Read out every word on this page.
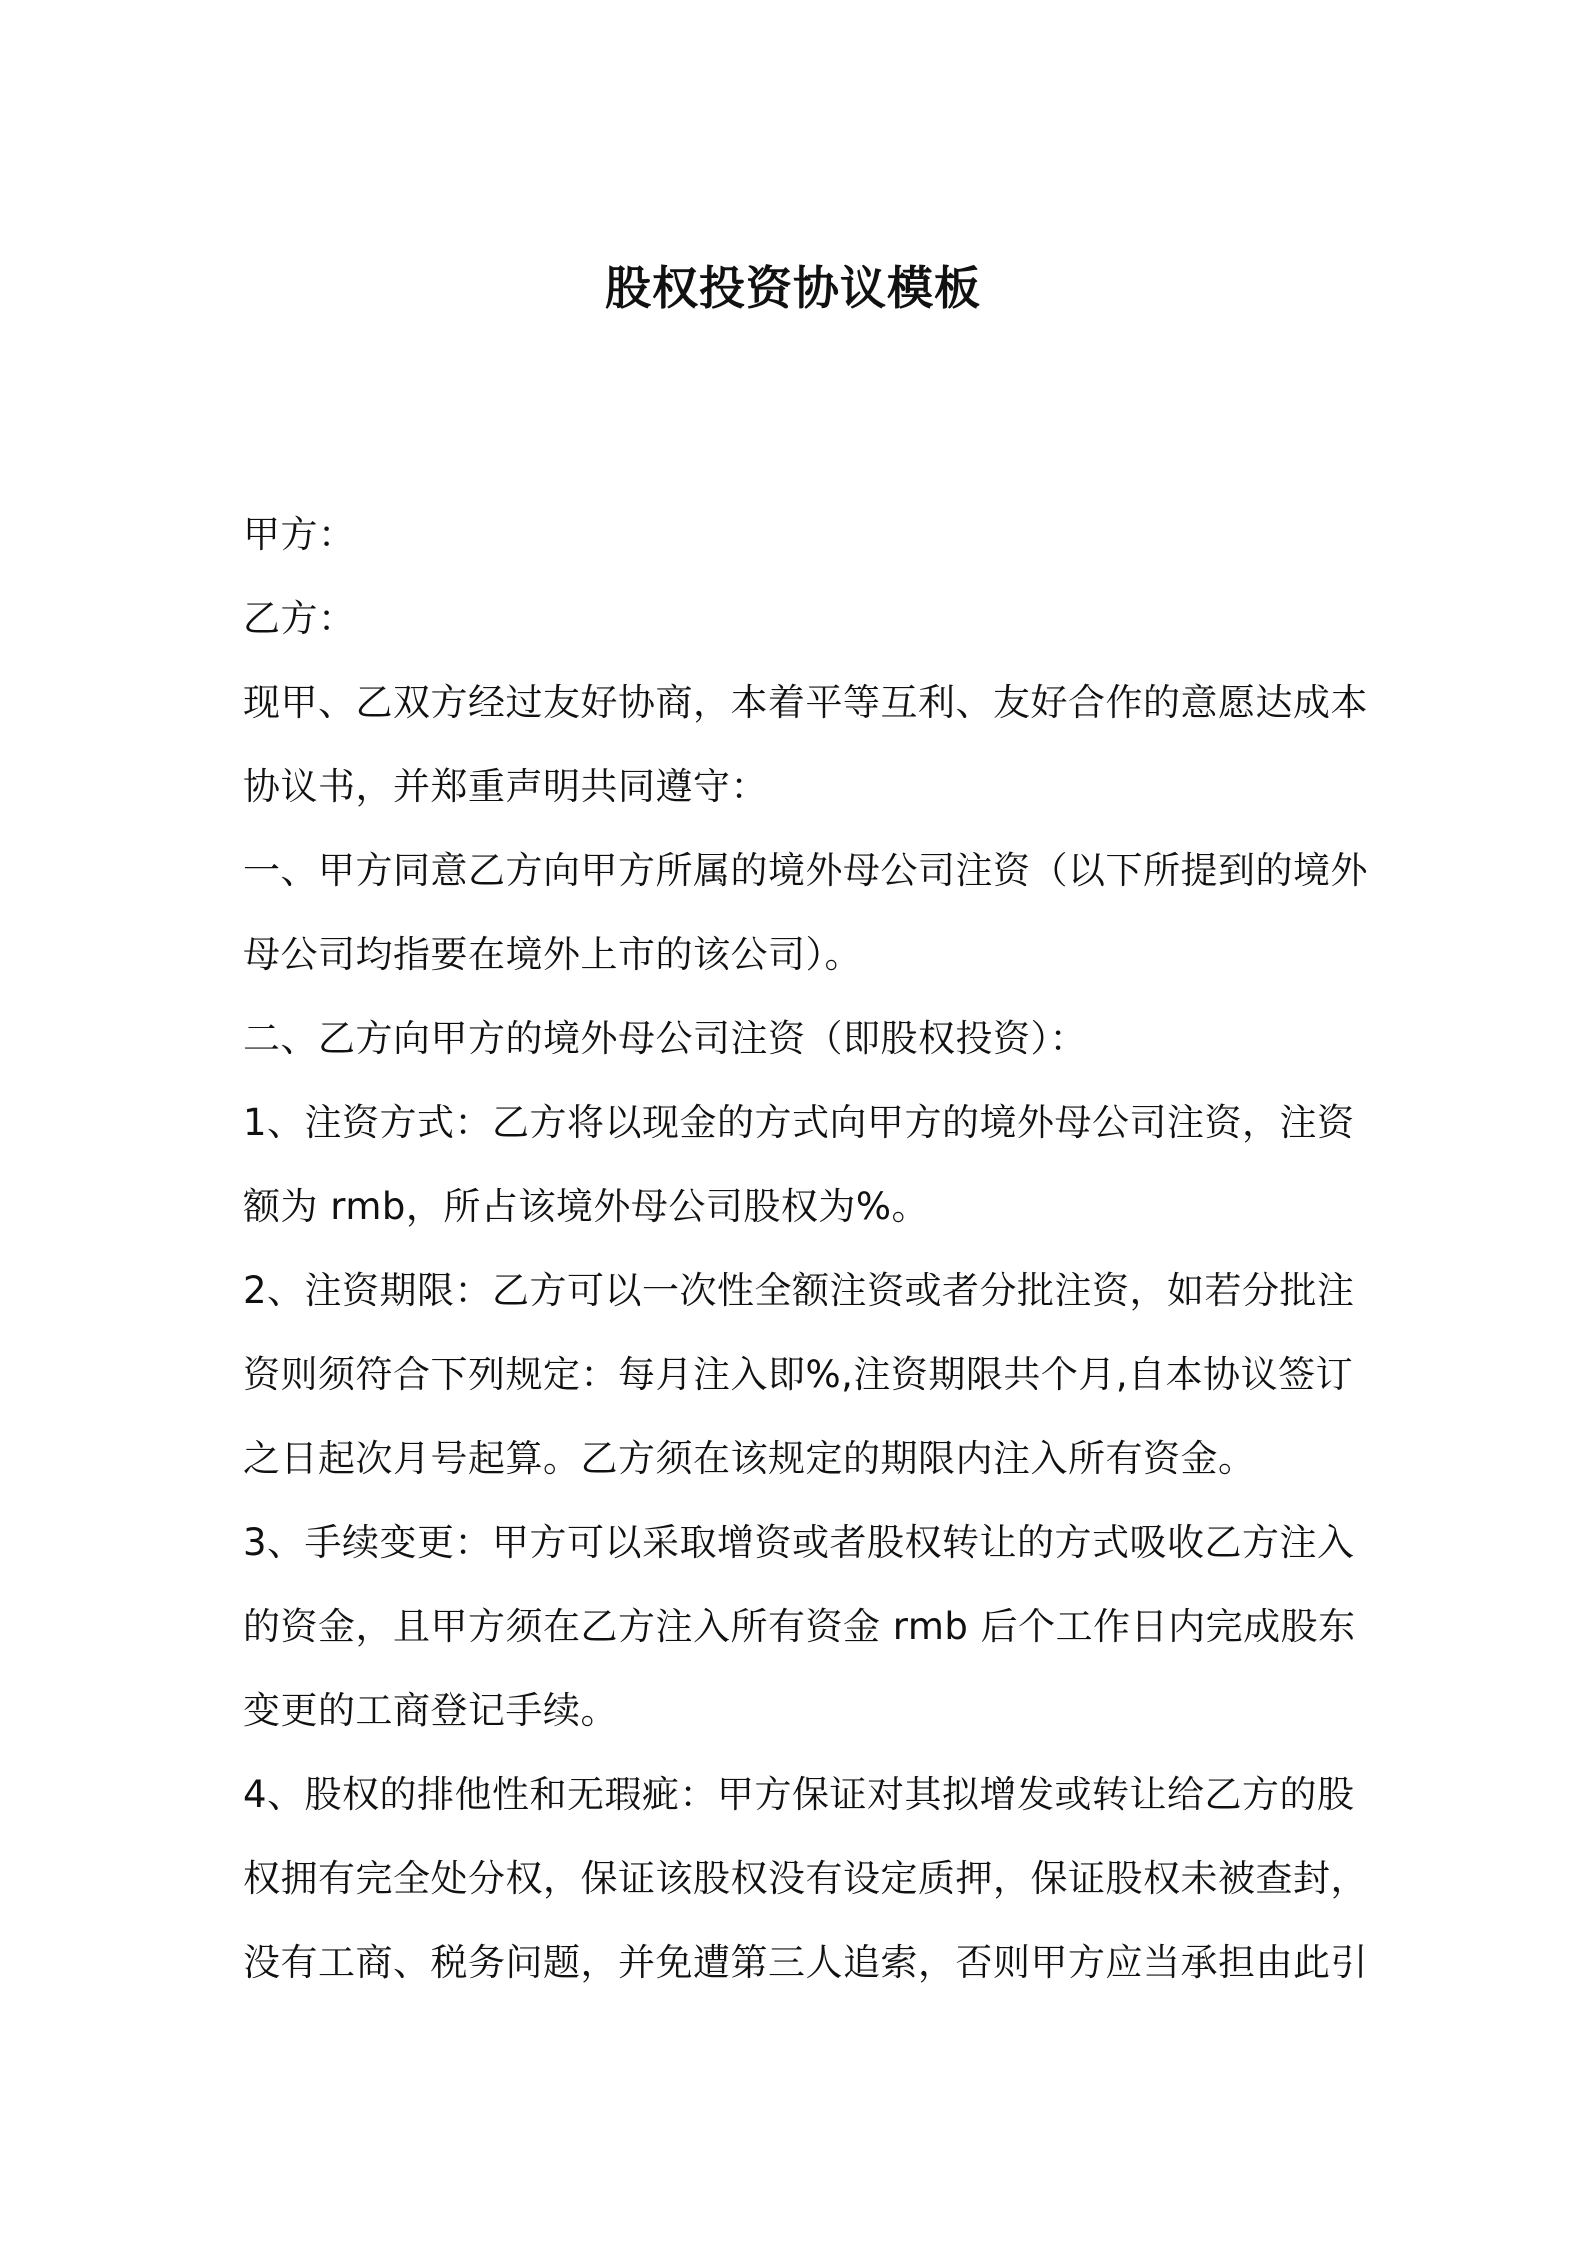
股权投资协议模板
甲方：
乙方：
现甲、乙双方经过友好协商，本着平等互利、友好合作的意愿达成本
协议书，并郑重声明共同遵守：
一、甲方同意乙方向甲方所属的境外母公司注资（以下所提到的境外
母公司均指要在境外上市的该公司）。
二、乙方向甲方的境外母公司注资（即股权投资）：
1、注资方式：乙方将以现金的方式向甲方的境外母公司注资，注资
额为 rmb，所占该境外母公司股权为%。
2、注资期限：乙方可以一次性全额注资或者分批注资，如若分批注
资则须符合下列规定：每月注入即%,注资期限共个月,自本协议签订
之日起次月号起算。乙方须在该规定的期限内注入所有资金。
3、手续变更：甲方可以采取增资或者股权转让的方式吸收乙方注入
的资金，且甲方须在乙方注入所有资金 rmb 后个工作日内完成股东
变更的工商登记手续。
4、股权的排他性和无瑕疵：甲方保证对其拟增发或转让给乙方的股
权拥有完全处分权，保证该股权没有设定质押，保证股权未被查封，
没有工商、税务问题，并免遭第三人追索，否则甲方应当承担由此引
